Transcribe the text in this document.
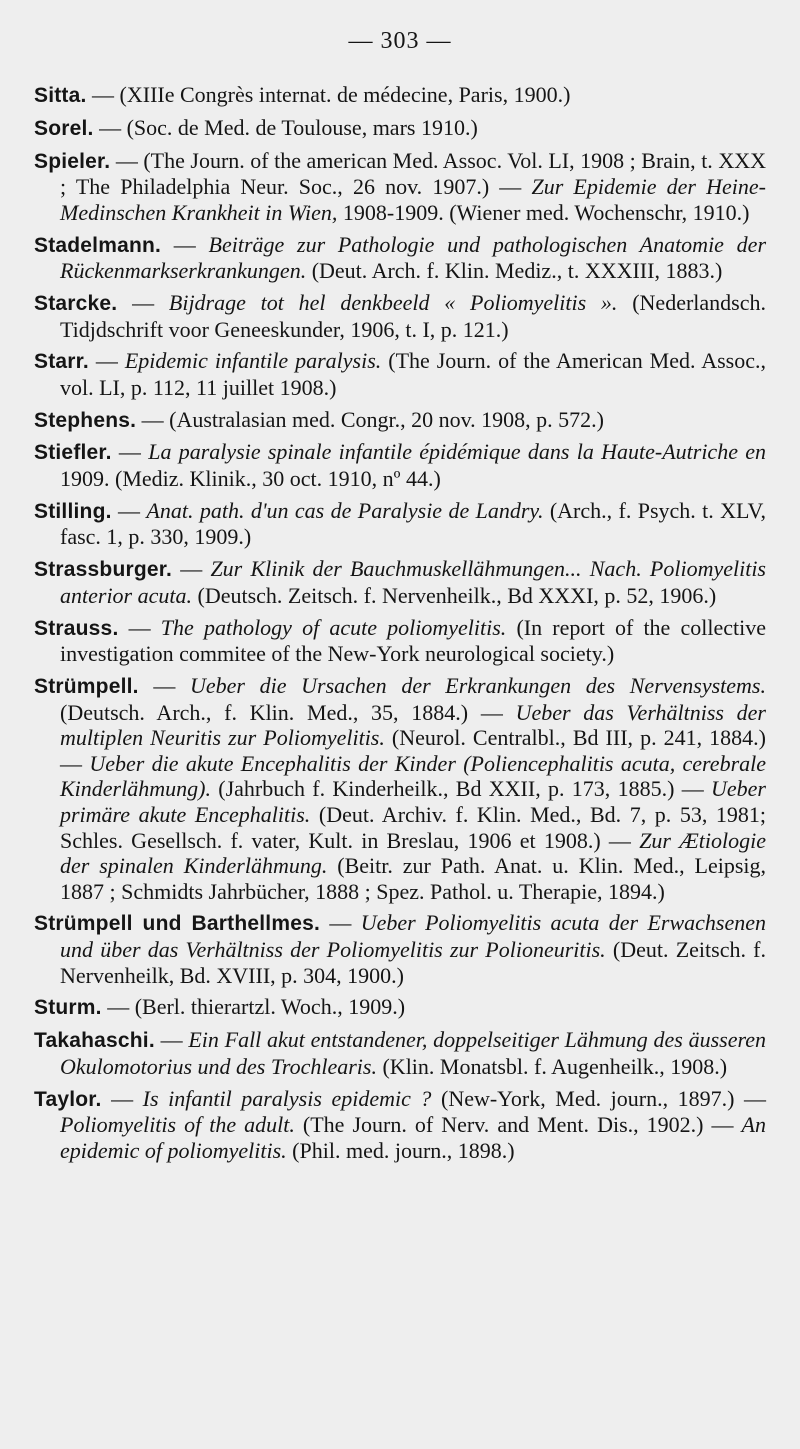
— 303 —

Sitta. — (XIIIe Congrès internat. de médecine, Paris, 1900.)

Sorel. — (Soc. de Med. de Toulouse, mars 1910.)

Spieler. — (The Journ. of the american Med. Assoc. Vol. LI, 1908 ; Brain, t. XXX ; The Philadelphia Neur. Soc., 26 nov. 1907.) — Zur Epidemie der Heine-Medinschen Krankheit in Wien, 1908-1909. (Wiener med. Wochenschr, 1910.)

Stadelmann. — Beiträge zur Pathologie und pathologischen Anatomie der Rückenmarkserkrankungen. (Deut. Arch. f. Klin. Mediz., t. XXXIII, 1883.)

Starcke. — Bijdrage tot hel denkbeeld « Poliomyelitis ». (Nederlandsch. Tidjdschrift voor Geneeskunder, 1906, t. I, p. 121.)

Starr. — Epidemic infantile paralysis. (The Journ. of the American Med. Assoc., vol. LI, p. 112, 11 juillet 1908.)

Stephens. — (Australasian med. Congr., 20 nov. 1908, p. 572.)

Stiefler. — La paralysie spinale infantile épidémique dans la Haute-Autriche en 1909. (Mediz. Klinik., 30 oct. 1910, nº 44.)

Stilling. — Anat. path. d'un cas de Paralysie de Landry. (Arch., f. Psych. t. XLV, fasc. 1, p. 330, 1909.)

Strassburger. — Zur Klinik der Bauchmuskellähmungen... Nach. Poliomyelitis anterior acuta. (Deutsch. Zeitsch. f. Nervenheilk., Bd XXXI, p. 52, 1906.)

Strauss. — The pathology of acute poliomyelitis. (In report of the collective investigation commitee of the New-York neurological society.)

Strümpell. — Ueber die Ursachen der Erkrankungen des Nervensystems. (Deutsch. Arch., f. Klin. Med., 35, 1884.) — Ueber das Verhältniss der multiplen Neuritis zur Poliomyelitis. (Neurol. Centralbl., Bd III, p. 241, 1884.) — Ueber die akute Encephalitis der Kinder (Poliencephalitis acuta, cerebrale Kinderlähmung). (Jahrbuch f. Kinderheilk., Bd XXII, p. 173, 1885.) — Ueber primäre akute Encephalitis. (Deut. Archiv. f. Klin. Med., Bd. 7, p. 53, 1981; Schles. Gesellsch. f. vater, Kult. in Breslau, 1906 et 1908.) — Zur Ætiologie der spinalen Kinderlähmung. (Beitr. zur Path. Anat. u. Klin. Med., Leipsig, 1887 ; Schmidts Jahrbücher, 1888 ; Spez. Pathol. u. Therapie, 1894.)

Strümpell und Barthellmes. — Ueber Poliomyelitis acuta der Erwachsenen und über das Verhältniss der Poliomyelitis zur Polioneuritis. (Deut. Zeitsch. f. Nervenheilk, Bd. XVIII, p. 304, 1900.)

Sturm. — (Berl. thierartzl. Woch., 1909.)

Takahaschi. — Ein Fall akut entstandener, doppelseitiger Lähmung des äusseren Okulomotorius und des Trochlearis. (Klin. Monatsbl. f. Augenheilk., 1908.)

Taylor. — Is infantil paralysis epidemic ? (New-York, Med. journ., 1897.) — Poliomyelitis of the adult. (The Journ. of Nerv. and Ment. Dis., 1902.) — An epidemic of poliomyelitis. (Phil. med. journ., 1898.)
